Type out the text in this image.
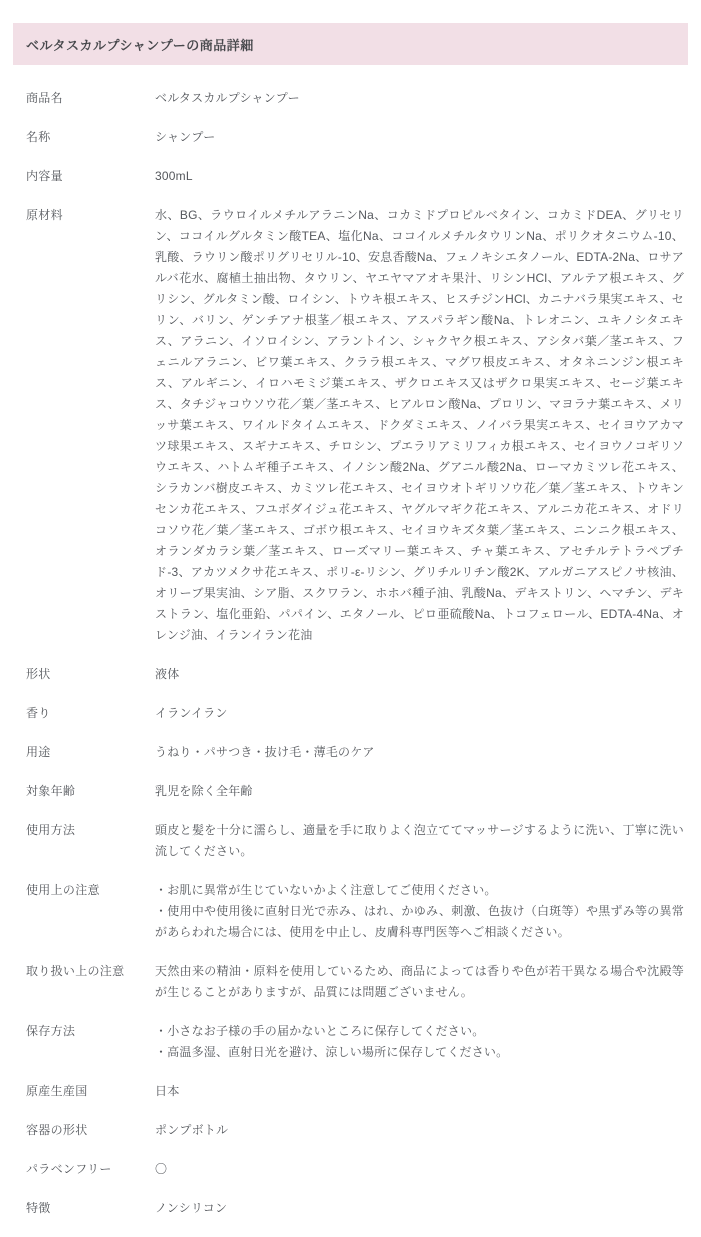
ベルタスカルプシャンプーの商品詳細
商品名	ベルタスカルプシャンプー

名称	シャンプー

内容量	300mL

原材料	水、BG、ラウロイルメチルアラニンNa、コカミドプロピルベタイン、コカミドDEA、グリセリン、ココイルグルタミン酸TEA、塩化Na、ココイルメチルタウリンNa、ポリクオタニウム-10、乳酸、ラウリン酸ポリグリセリル-10、安息香酸Na、フェノキシエタノール、EDTA-2Na、ロサアルバ花水、腐植土抽出物、タウリン、ヤエヤマアオキ果汁、リシンHCl、アルテア根エキス、グリシン、グルタミン酸、ロイシン、トウキ根エキス、ヒスチジンHCl、カニナバラ果実エキス、セリン、バリン、ゲンチアナ根茎／根エキス、アスパラギン酸Na、トレオニン、ユキノシタエキス、アラニン、イソロイシン、アラントイン、シャクヤク根エキス、アシタバ葉／茎エキス、フェニルアラニン、ビワ葉エキス、クララ根エキス、マグワ根皮エキス、オタネニンジン根エキス、アルギニン、イロハモミジ葉エキス、ザクロエキス又はザクロ果実エキス、セージ葉エキス、タチジャコウソウ花／葉／茎エキス、ヒアルロン酸Na、プロリン、マヨラナ葉エキス、メリッサ葉エキス、ワイルドタイムエキス、ドクダミエキス、ノイバラ果実エキス、セイヨウアカマツ球果エキス、スギナエキス、チロシン、プエラリアミリフィカ根エキス、セイヨウノコギリソウエキス、ハトムギ種子エキス、イノシン酸2Na、グアニル酸2Na、ローマカミツレ花エキス、シラカンバ樹皮エキス、カミツレ花エキス、セイヨウオトギリソウ花／葉／茎エキス、トウキンセンカ花エキス、フユボダイジュ花エキス、ヤグルマギク花エキス、アルニカ花エキス、オドリコソウ花／葉／茎エキス、ゴボウ根エキス、セイヨウキズタ葉／茎エキス、ニンニク根エキス、オランダカラシ葉／茎エキス、ローズマリー葉エキス、チャ葉エキス、アセチルテトラペプチド-3、アカツメクサ花エキス、ポリ-ε-リシン、グリチルリチン酸2K、アルガニアスピノサ核油、オリーブ果実油、シア脂、スクワラン、ホホバ種子油、乳酸Na、デキストリン、ヘマチン、デキストラン、塩化亜鉛、パパイン、エタノール、ピロ亜硫酸Na、トコフェロール、EDTA-4Na、オレンジ油、イランイラン花油

形状	液体

香り	イランイラン

用途	うねり・パサつき・抜け毛・薄毛のケア

対象年齢	乳児を除く全年齢

使用方法	頭皮と髪を十分に濡らし、適量を手に取りよく泡立ててマッサージするように洗い、丁寧に洗い流してください。

使用上の注意	・お肌に異常が生じていないかよく注意してご使用ください。

・使用中や使用後に直射日光で赤み、はれ、かゆみ、刺激、色抜け（白斑等）や黒ずみ等の異常があらわれた場合には、使用を中止し、皮膚科専門医等へご相談ください。

取り扱い上の注意	天然由来の精油・原料を使用しているため、商品によっては香りや色が若干異なる場合や沈殿等が生じることがありますが、品質には問題ございません。

保存方法	・小さなお子様の手の届かないところに保存してください。

・高温多湿、直射日光を避け、涼しい場所に保存してください。

原産生産国	日本

容器の形状	ポンプボトル

パラベンフリー	〇

特徴	ノンシリコン
